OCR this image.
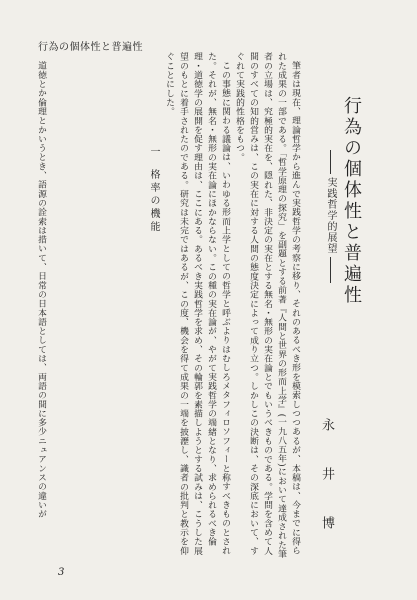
行為の個体性と普遍性
行為の個体性と普遍性
実践哲学的展望
永 井 博

筆者は現在、理論哲学から進んで実践哲学の考察に移り、それのあるべき形を模索しつつあるが、本稿は、今までに得られた成果の一部である。「哲学原理の探究」を副題とする前著『人間と世界の形而上学』(一九八五年)において達成された筆者の立場は、究極的実在を、隠れた、非決定の実在とする無名・無形の実在論とでもいうべきものである。学問を含めて人間のすべての知的営みは、この実在に対する人間の態度決定によって成り立つ。しかしこの決断は、その深底において、すぐれて実践的性格をもつ。

この事態に関わる議論は、いわゆる形而上学としての哲学と呼ぶよりはむしろメタフィロソフィーと称すべきものとされた。それが、無名・無形の実在論にほかならない。この種の実在論が、やがて実践哲学の端緒となり、求められるべき倫理・道徳学の展開を促す理由は、ここにある。あるべき実践哲学を求め、その輪郭を素描しようとする試みは、こうした展望のもとに着手されたのである。研究は未完ではあるが、この度、機会を得て成果の一端を披瀝し、識者の批判と教示を仰ぐことにした。

一格率の機能

道徳とか倫理とかいうとき、語源の詮索は措いて、日常の日本語としては、両語の間に多少ニュアンスの違いが

3
